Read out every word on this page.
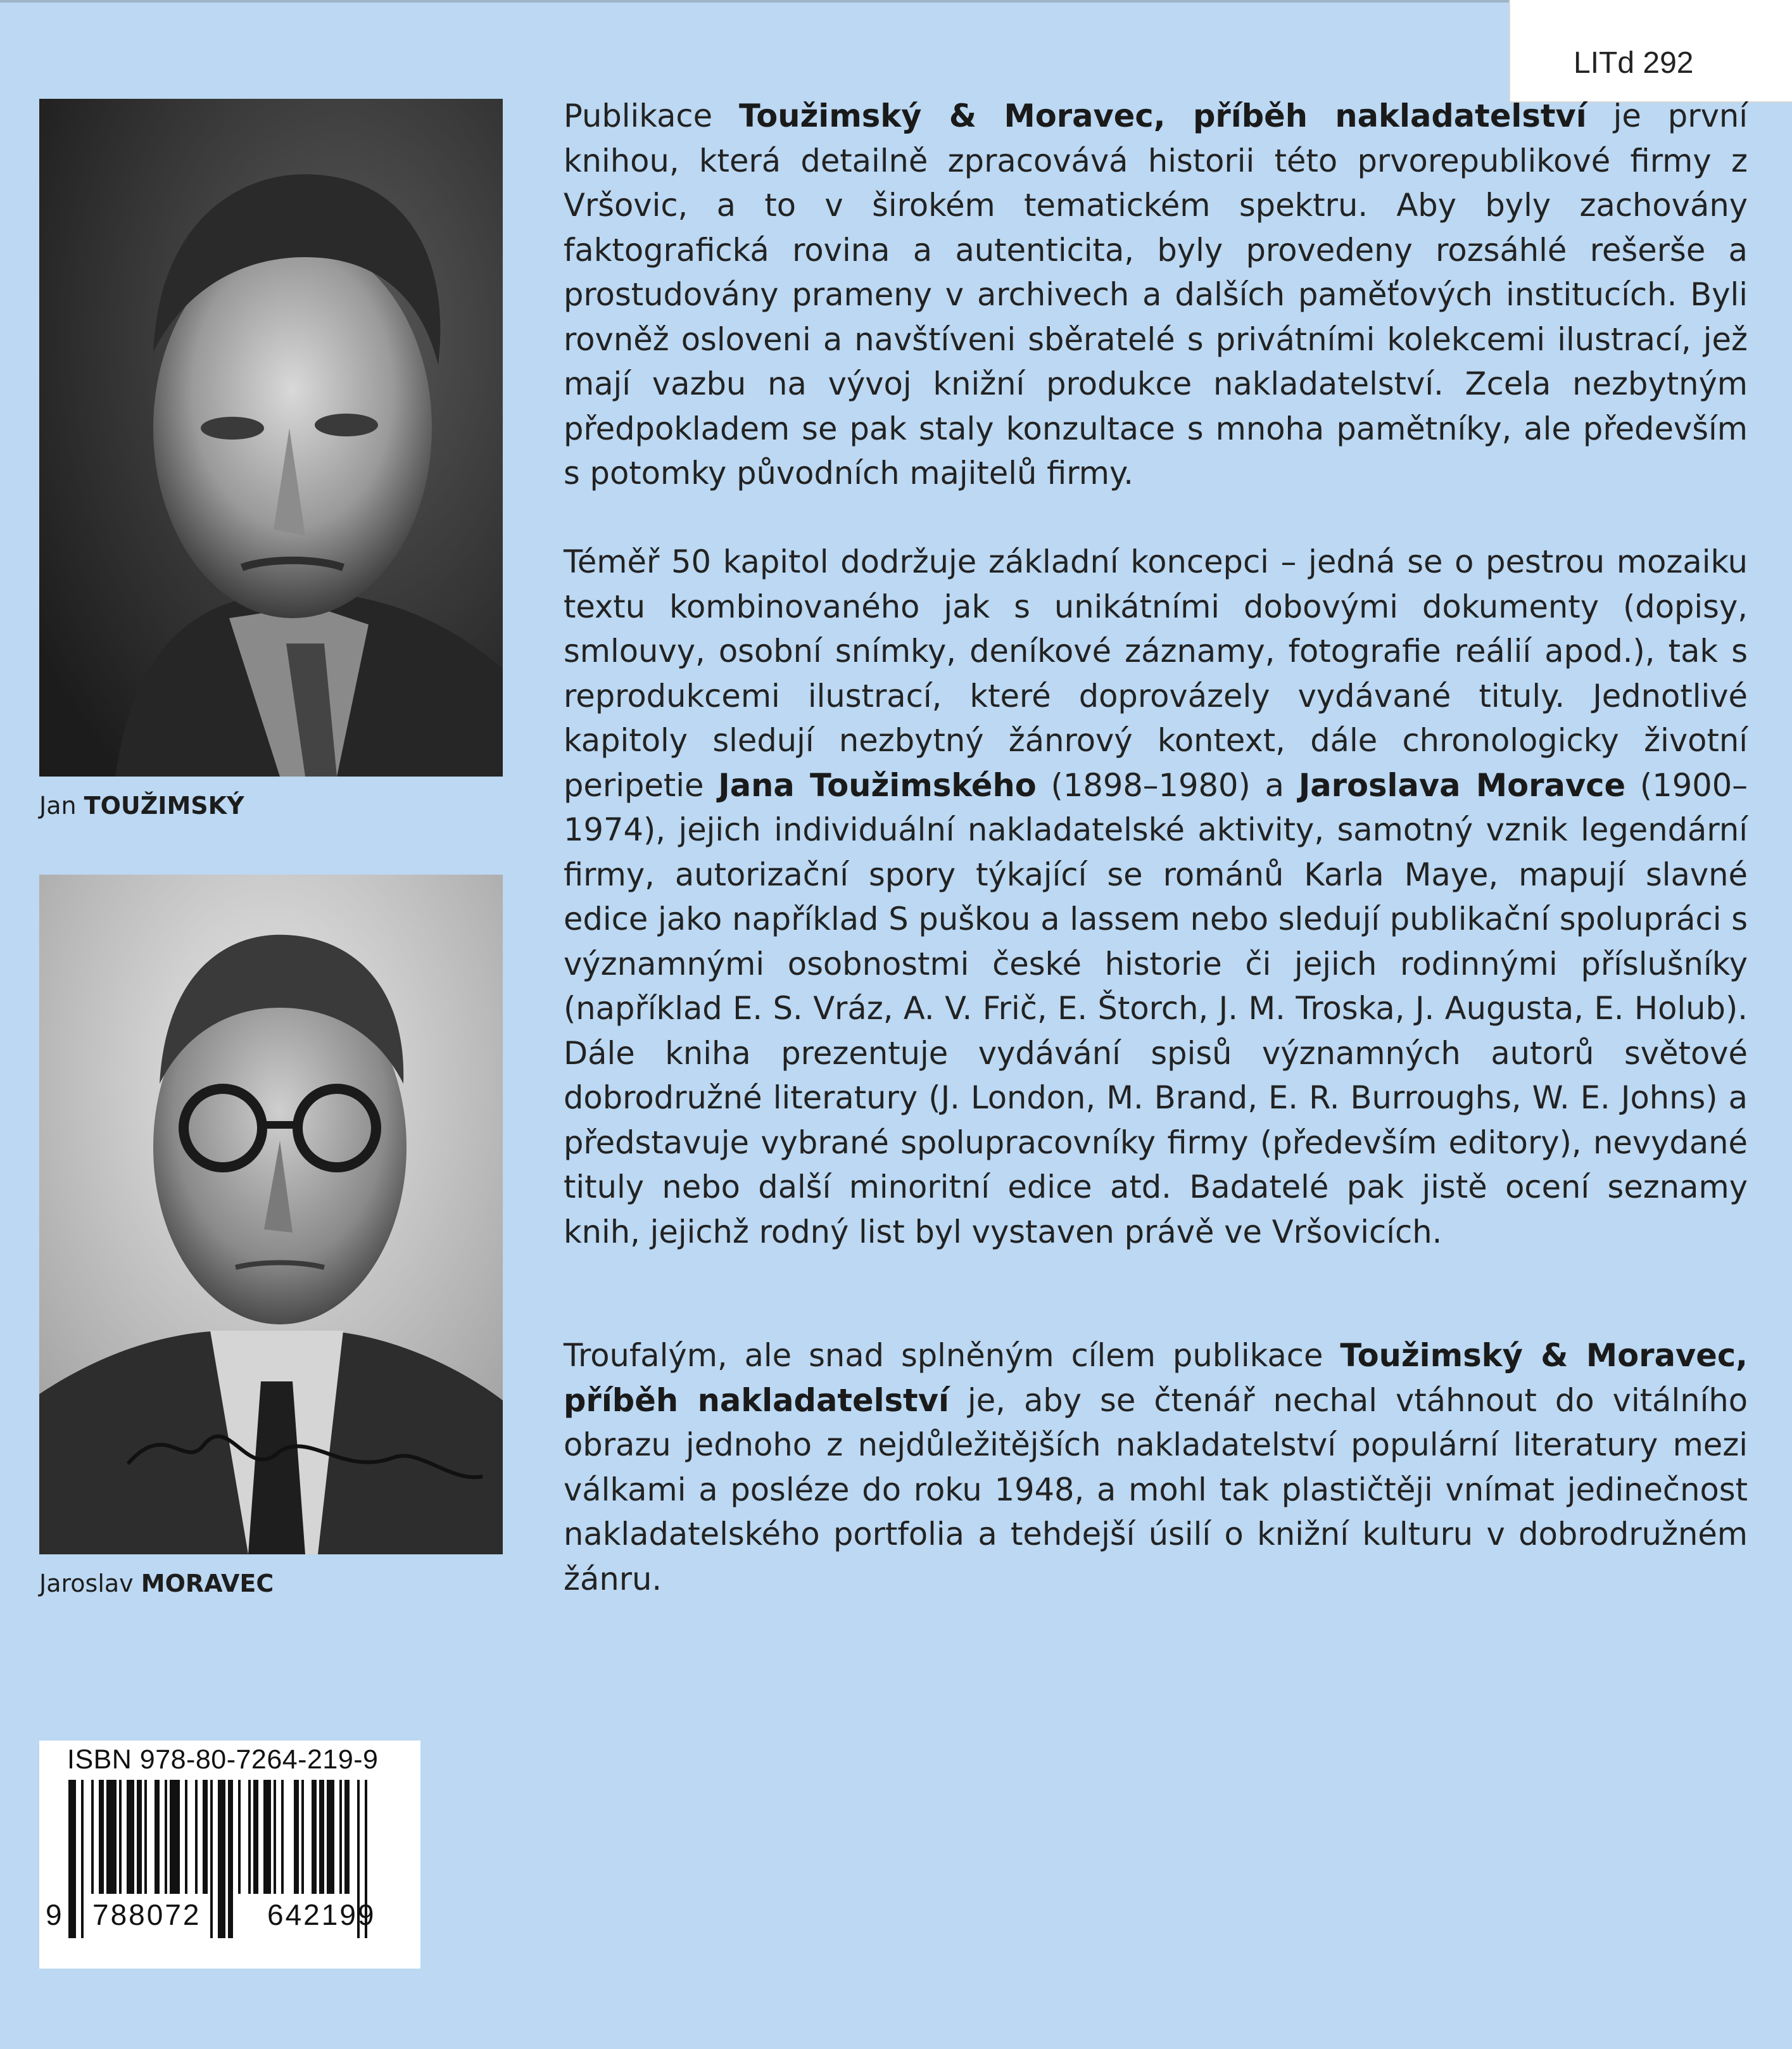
LITd 292
Jan TOUŽIMSKÝ
Jaroslav MORAVEC
Publikace Toužimský & Moravec, příběh nakladatelství je první knihou, která detailně zpracovává historii této prvorepublikové firmy z Vršovic, a to v širokém tematickém spektru. Aby byly zachovány faktografická rovina a autenticita, byly provedeny rozsáhlé rešerše a prostudovány prameny v archivech a dalších paměťových institucích. Byli rovněž osloveni a navštíveni sběratelé s privátními kolekcemi ilustrací, jež mají vazbu na vývoj knižní produkce nakladatelství. Zcela nezbytným předpokladem se pak staly konzultace s mnoha pamětníky, ale především s potomky původních majitelů firmy.
Téměř 50 kapitol dodržuje základní koncepci – jedná se o pestrou mozaiku textu kombinovaného jak s unikátními dobovými dokumenty (dopisy, smlouvy, osobní snímky, deníkové záznamy, fotografie reálií apod.), tak s reprodukcemi ilustrací, které doprovázely vydávané tituly. Jednotlivé kapitoly sledují nezbytný žánrový kontext, dále chronologicky životní peripetie Jana Toužimského (1898–1980) a Jaroslava Moravce (1900–1974), jejich individuální nakladatelské aktivity, samotný vznik legendární firmy, autorizační spory týkající se románů Karla Maye, mapují slavné edice jako například S puškou a lassem nebo sledují publikační spolupráci s významnými osobnostmi české historie či jejich rodinnými příslušníky (například E. S. Vráz, A. V. Frič, E. Štorch, J. M. Troska, J. Augusta, E. Holub). Dále kniha prezentuje vydávání spisů významných autorů světové dobrodružné literatury (J. London, M. Brand, E. R. Burroughs, W. E. Johns) a představuje vybrané spolupracovníky firmy (především editory), nevydané tituly nebo další minoritní edice atd. Badatelé pak jistě ocení seznamy knih, jejichž rodný list byl vystaven právě ve Vršovicích.
Troufalým, ale snad splněným cílem publikace Toužimský & Moravec, příběh nakladatelství je, aby se čtenář nechal vtáhnout do vitálního obrazu jednoho z nejdůležitějších nakladatelství populární literatury mezi válkami a posléze do roku 1948, a mohl tak plastičtěji vnímat jedinečnost nakladatelského portfolia a tehdejší úsilí o knižní kulturu v dobrodružném žánru.
ISBN 978-80-7264-219-9
9 788072 642199
